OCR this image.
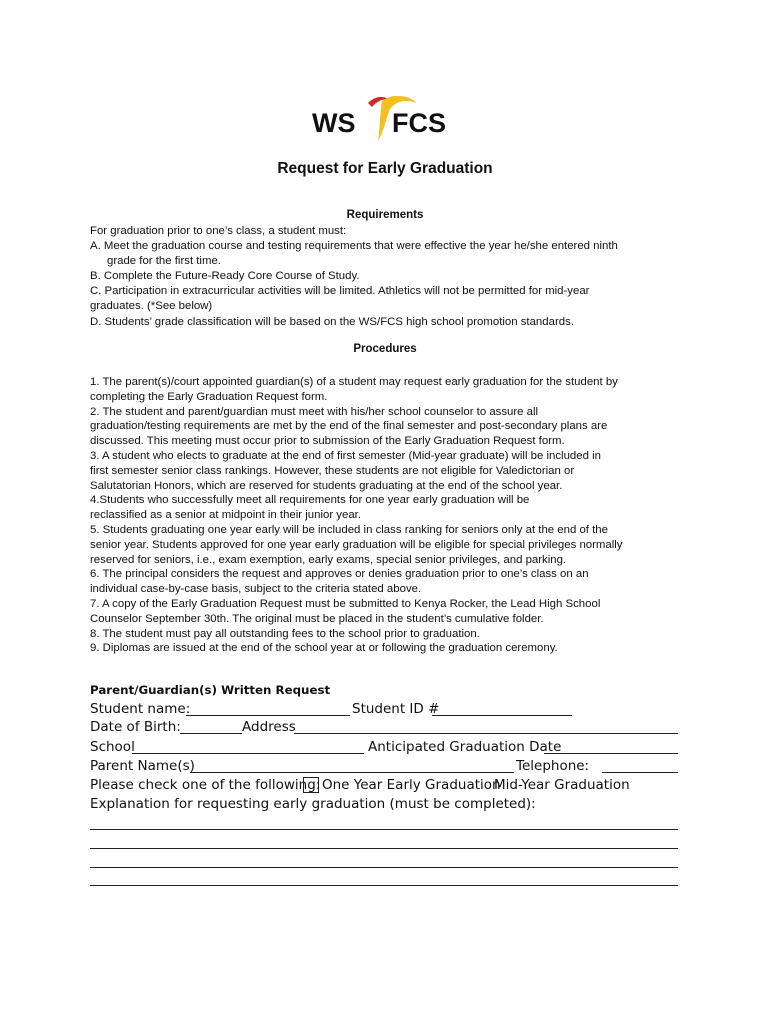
WS FCS
Request for Early Graduation
Requirements

For graduation prior to one’s class, a student must:

A. Meet the graduation course and testing requirements that were effective the year he/she entered ninth

grade for the first time.

B. Complete the Future-Ready Core Course of Study.

C. Participation in extracurricular activities will be limited. Athletics will not be permitted for mid-year

graduates. (*See below)

D. Students’ grade classification will be based on the WS/FCS high school promotion standards.

Procedures

1. The parent(s)/court appointed guardian(s) of a student may request early graduation for the student by

completing the Early Graduation Request form.

2. The student and parent/guardian must meet with his/her school counselor to assure all

graduation/testing requirements are met by the end of the final semester and post-secondary plans are

discussed. This meeting must occur prior to submission of the Early Graduation Request form.

3. A student who elects to graduate at the end of first semester (Mid-year graduate) will be included in

first semester senior class rankings. However, these students are not eligible for Valedictorian or

Salutatorian Honors, which are reserved for students graduating at the end of the school year.

4.Students who successfully meet all requirements for one year early graduation will be

reclassified as a senior at midpoint in their junior year.

5. Students graduating one year early will be included in class ranking for seniors only at the end of the

senior year. Students approved for one year early graduation will be eligible for special privileges normally

reserved for seniors, i.e., exam exemption, early exams, special senior privileges, and parking.

6. The principal considers the request and approves or denies graduation prior to one’s class on an

individual case-by-case basis, subject to the criteria stated above.

7. A copy of the Early Graduation Request must be submitted to Kenya Rocker, the Lead High School

Counselor September 30th. The original must be placed in the student’s cumulative folder.

8. The student must pay all outstanding fees to the school prior to graduation.

9. Diplomas are issued at the end of the school year at or following the graduation ceremony.

Parent/Guardian(s) Written Request
Student name:	Student ID #
Date of Birth:	Address
School	Anticipated Graduation Date
Parent Name(s)	Telephone:
Please check one of the following: One Year Early Graduation
Mid-Year Graduation
Explanation for requesting early graduation (must be completed):
